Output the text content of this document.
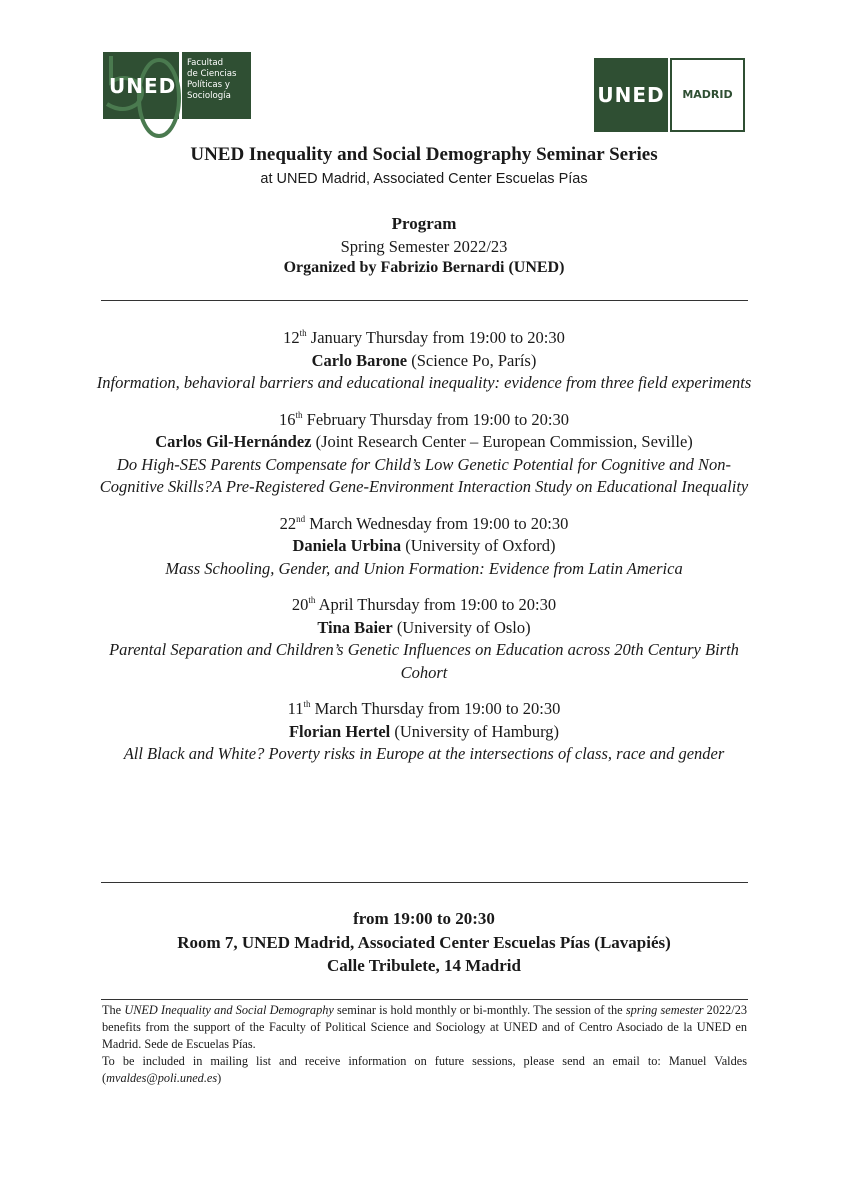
50
UNED
Facultad
de Ciencias
Políticas y
Sociología	UNED	MADRID
UNED Inequality and Social Demography Seminar Series
at UNED Madrid, Associated Center Escuelas Pías
Program
Spring Semester 2022/23
Organized by Fabrizio Bernardi (UNED)
12th January Thursday from 19:00 to 20:30
Carlo Barone (Science Po, París)
Information, behavioral barriers and educational inequality: evidence from three field experiments
16th February Thursday from 19:00 to 20:30
Carlos Gil-Hernández (Joint Research Center – European Commission, Seville)
Do High-SES Parents Compensate for Child’s Low Genetic Potential for Cognitive and Non-Cognitive Skills?A Pre-Registered Gene-Environment Interaction Study on Educational Inequality
22nd March Wednesday from 19:00 to 20:30
Daniela Urbina (University of Oxford)
Mass Schooling, Gender, and Union Formation: Evidence from Latin America
20th April Thursday from 19:00 to 20:30
Tina Baier (University of Oslo)
Parental Separation and Children’s Genetic Influences on Education across 20th Century Birth Cohort
11th March Thursday from 19:00 to 20:30
Florian Hertel (University of Hamburg)
All Black and White? Poverty risks in Europe at the intersections of class, race and gender
from 19:00 to 20:30
Room 7, UNED Madrid, Associated Center Escuelas Pías (Lavapiés)
Calle Tribulete, 14 Madrid

The UNED Inequality and Social Demography seminar is hold monthly or bi-monthly. The session of the spring semester 2022/23 benefits from the support of the Faculty of Political Science and Sociology at UNED and of Centro Asociado de la UNED en Madrid. Sede de Escuelas Pías.

To be included in mailing list and receive information on future sessions, please send an email to: Manuel Valdes (mvaldes@poli.uned.es)
